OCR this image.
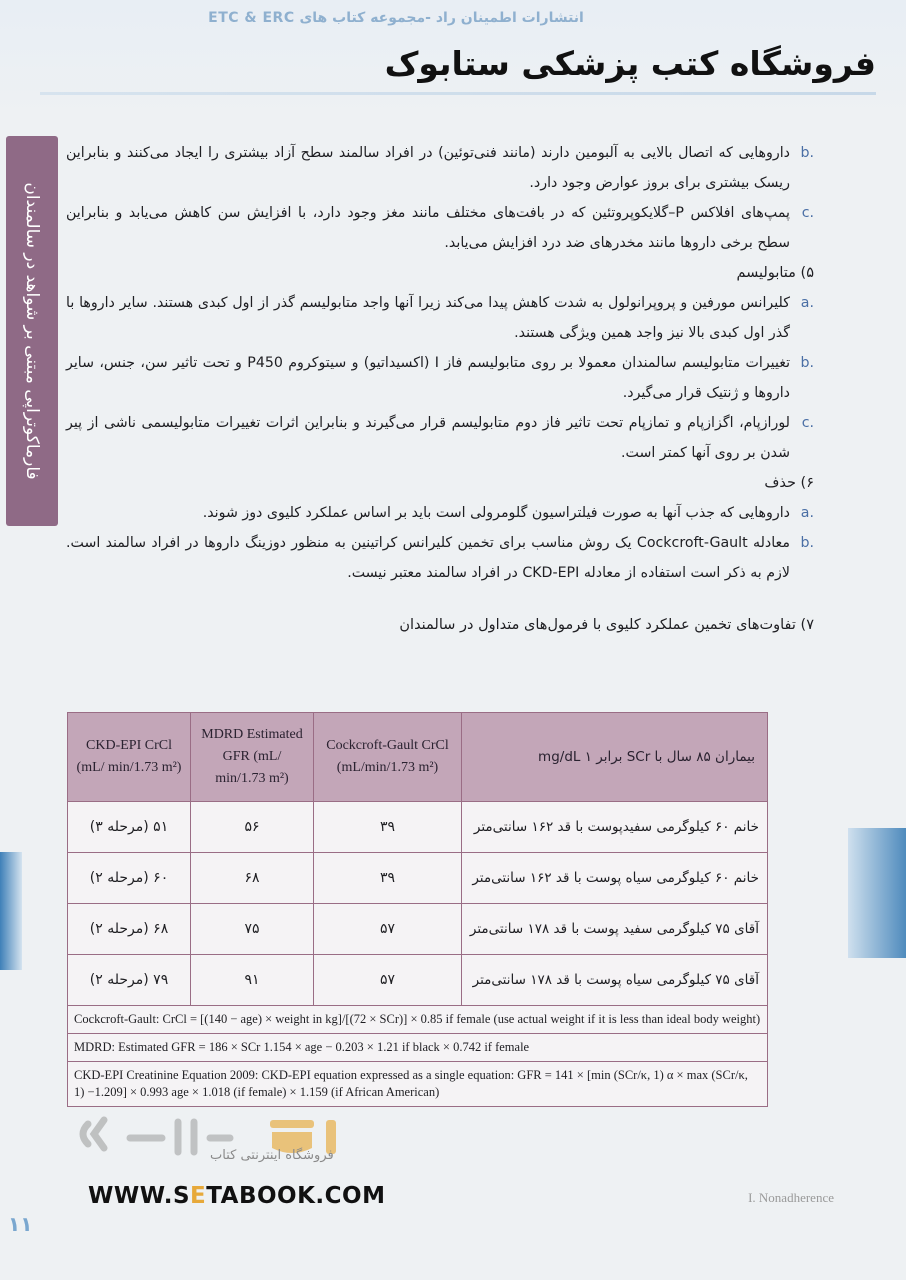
انتشارات اطمینان راد -مجموعه کتاب های ETC & ERC
فروشگاه کتب پزشکی ستابوک
فارماکوتراپی مبتنی بر شواهد در سالمندان
b.
داروهایی که اتصال بالایی به آلبومین دارند (مانند فنی‌توئین) در افراد سالمند سطح آزاد بیشتری را ایجاد می‌کنند و بنابراین ریسک بیشتری برای بروز عوارض وجود دارد.
c.
پمپ‌های افلاکس P–گلایکوپروتئین که در بافت‌های مختلف مانند مغز وجود دارد، با افزایش سن کاهش می‌یابد و بنابراین سطح برخی داروها مانند مخدرهای ضد درد افزایش می‌یابد.

۵) متابولیسم

a.
کلیرانس مورفین و پروپرانولول به شدت کاهش پیدا می‌کند زیرا آنها واجد متابولیسم گذر از اول کبدی هستند. سایر داروها با گذر اول کبدی بالا نیز واجد همین ویژگی هستند.
b.
تغییرات متابولیسم سالمندان معمولا بر روی متابولیسم فاز I (اکسیداتیو) و سیتوکروم P450 و تحت تاثیر سن، جنس، سایر داروها و ژنتیک قرار می‌گیرد.
c.
لورازپام، اگزازپام و تمازپام تحت تاثیر فاز دوم متابولیسم قرار می‌گیرند و بنابراین اثرات تغییرات متابولیسمی ناشی از پیر شدن بر روی آنها کمتر است.

۶) حذف

a.
داروهایی که جذب آنها به صورت فیلتراسیون گلومرولی است باید بر اساس عملکرد کلیوی دوز شوند.
b.
معادله Cockcroft-Gault یک روش مناسب برای تخمین کلیرانس کراتینین به منظور دوزینگ داروها در افراد سالمند است. لازم به ذکر است استفاده از معادله CKD-EPI در افراد سالمند معتبر نیست.

۷) تفاوت‌های تخمین عملکرد کلیوی با فرمول‌های متداول در سالمندان

CKD-EPI CrCl (mL/ min/1.73 m²)	MDRD Estimated GFR (mL/ min/1.73 m²)	Cockcroft-Gault CrCl (mL/min/1.73 m²)	بیماران ۸۵ سال با SCr برابر ۱ mg/dL
۵۱ (مرحله ۳)	۵۶	۳۹	خانم ۶۰ کیلوگرمی سفیدپوست با قد ۱۶۲ سانتی‌متر
۶۰ (مرحله ۲)	۶۸	۳۹	خانم ۶۰ کیلوگرمی سیاه پوست با قد ۱۶۲ سانتی‌متر
۶۸ (مرحله ۲)	۷۵	۵۷	آقای ۷۵ کیلوگرمی سفید پوست با قد ۱۷۸ سانتی‌متر
۷۹ (مرحله ۲)	۹۱	۵۷	آقای ۷۵ کیلوگرمی سیاه پوست با قد ۱۷۸ سانتی‌متر
Cockcroft-Gault: CrCl = [(140 − age) × weight in kg]/[(72 × SCr)] × 0.85 if female (use actual weight if it is less than ideal body weight)			
MDRD: Estimated GFR = 186 × SCr 1.154 × age − 0.203 × 1.21 if black × 0.742 if female			
CKD-EPI Creatinine Equation 2009: CKD-EPI equation expressed as a single equation: GFR = 141 × [min (SCr/κ, 1) α × max (SCr/κ, 1) −1.209] × 0.993 age × 1.018 (if female) × 1.159 (if African American)			
فروشگاه اینترنتی کتاب
WWW.SETABOOK.COM
۱۱
I. Nonadherence
